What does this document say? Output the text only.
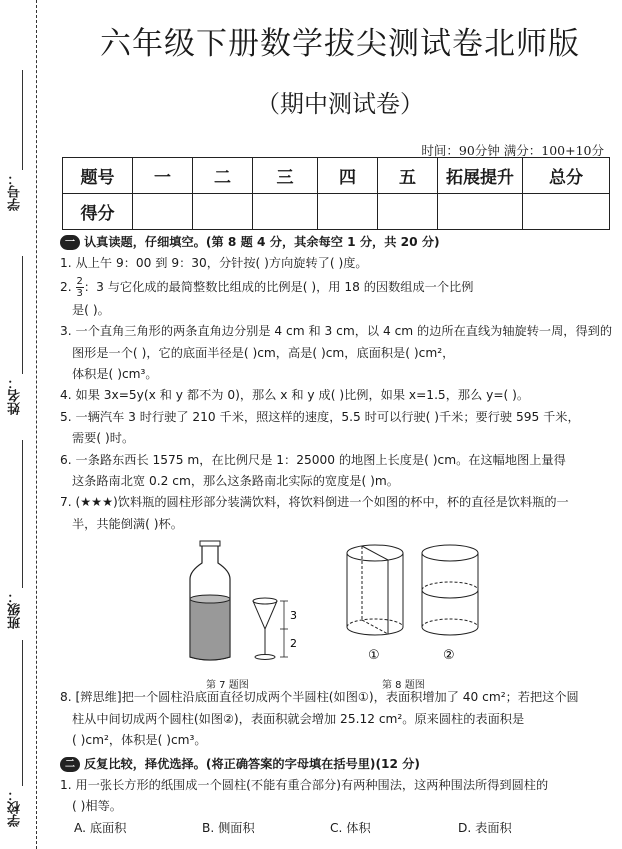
学号：
姓名：
班级：
学校：
六年级下册数学拔尖测试卷北师版
（期中测试卷）
时间：90分钟 满分：100+10分
题号	一	二	三	四	五	拓展提升	总分
得分							
一 认真读题，仔细填空。(第 8 题 4 分，其余每空 1 分，共 20 分)
1. 从上午 9：00 到 9：30，分针按( )方向旋转了( )度。
2. $\frac{2}{3}$ ：3 与它化成的最简整数比组成的比例是( )，用 18 的因数组成一个比例
是( )。
3. 一个直角三角形的两条直角边分别是 4 cm 和 3 cm，以 4 cm 的边所在直线为轴旋转一周，得到的
图形是一个( )，它的底面半径是( )cm，高是( )cm，底面积是( )cm²，
体积是( )cm³。
4. 如果 3x=5y(x 和 y 都不为 0)，那么 x 和 y 成( )比例，如果 x=1.5，那么 y=( )。
5. 一辆汽车 3 时行驶了 210 千米，照这样的速度，5.5 时可以行驶( )千米；要行驶 595 千米，
需要( )时。
6. 一条路东西长 1575 m，在比例尺是 1：25000 的地图上长度是( )cm。在这幅地图上量得
这条路南北宽 0.2 cm，那么这条路南北实际的宽度是( )m。
7. (★★★)饮料瓶的圆柱形部分装满饮料，将饮料倒进一个如图的杯中，杯的直径是饮料瓶的一
半，共能倒满( )杯。
3
2
第 7 题图
①	②
第 8 题图
8. [辨思维]把一个圆柱沿底面直径切成两个半圆柱(如图①)，表面积增加了 40 cm²；若把这个圆
柱从中间切成两个圆柱(如图②)，表面积就会增加 25.12 cm²。原来圆柱的表面积是
( )cm²，体积是( )cm³。
二 反复比较，择优选择。(将正确答案的字母填在括号里)(12 分)
1. 用一张长方形的纸围成一个圆柱(不能有重合部分)有两种围法，这两种围法所得到圆柱的
( )相等。
A. 底面积	B. 侧面积	C. 体积	D. 表面积
